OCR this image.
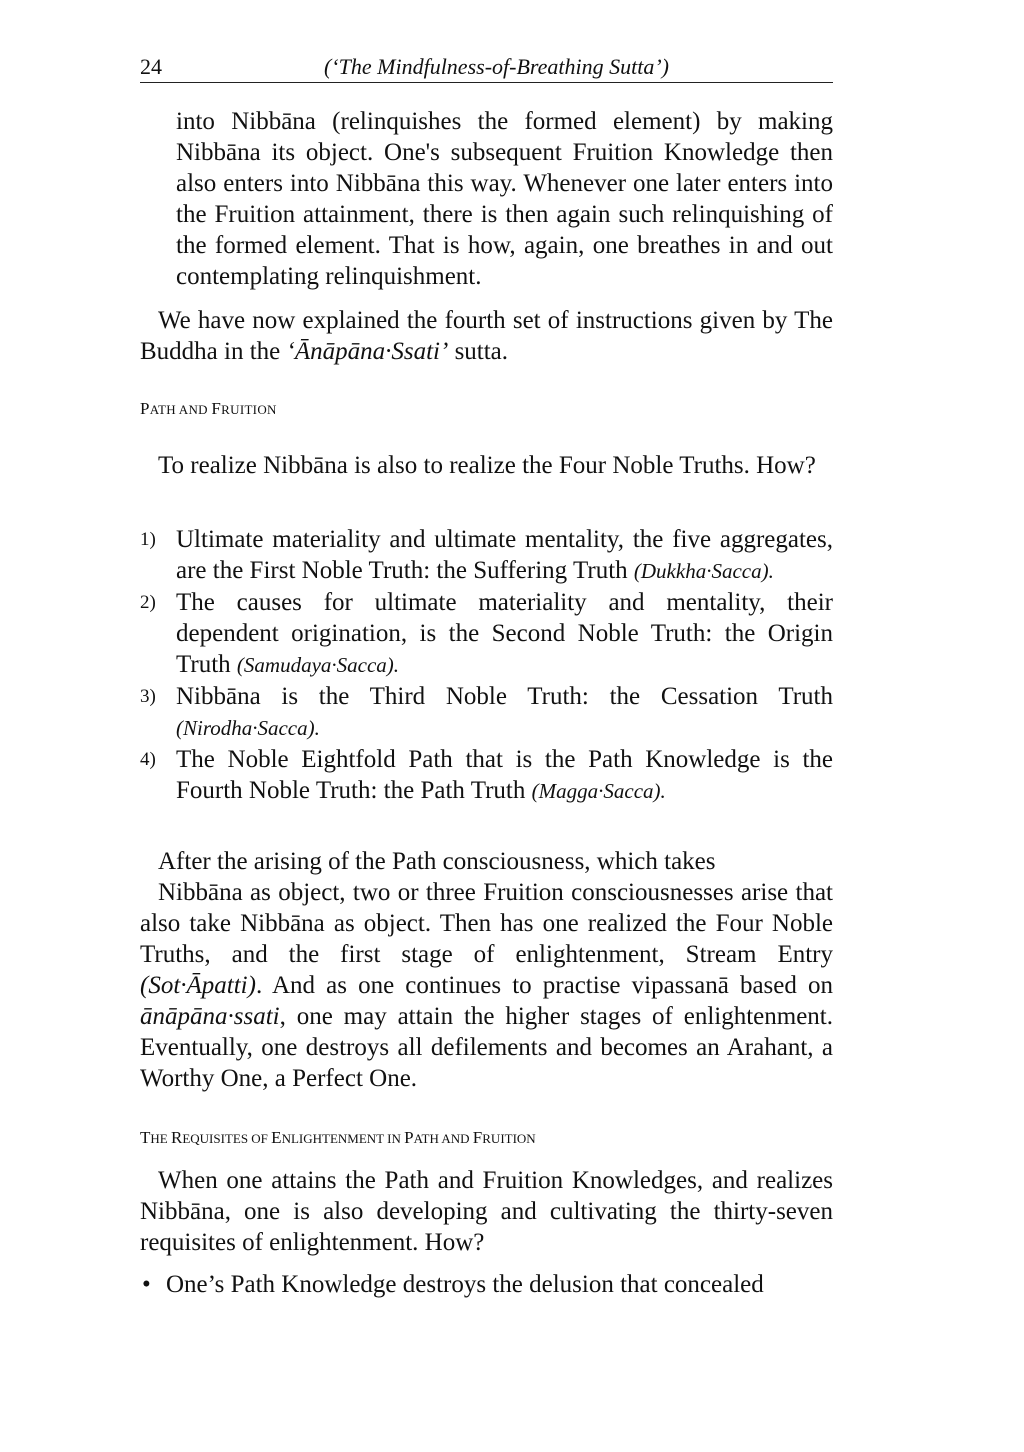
24	(‘The Mindfulness-of-Breathing Sutta’)

into Nibbāna (relinquishes the formed element) by making Nibbāna its object. One's subsequent Fruition Knowledge then also enters into Nibbāna this way. Whenever one later enters into the Fruition attainment, there is then again such relinquishing of the formed element. That is how, again, one breathes in and out contemplating relinquishment.

We have now explained the fourth set of instructions given by The Buddha in the ‘Ānāpāna·Ssati’ sutta.

PATH AND FRUITION

To realize Nibbāna is also to realize the Four Noble Truths. How?

1) Ultimate materiality and ultimate mentality, the five aggregates, are the First Noble Truth: the Suffering Truth (Dukkha·Sacca).
2) The causes for ultimate materiality and mentality, their dependent origination, is the Second Noble Truth: the Origin Truth (Samudaya·Sacca).
3) Nibbāna is the Third Noble Truth: the Cessation Truth (Nirodha·Sacca).
4) The Noble Eightfold Path that is the Path Knowledge is the Fourth Noble Truth: the Path Truth (Magga·Sacca).

After the arising of the Path consciousness, which takes

Nibbāna as object, two or three Fruition consciousnesses arise that also take Nibbāna as object. Then has one realized the Four Noble Truths, and the first stage of enlightenment, Stream Entry (Sot·Āpatti). And as one continues to practise vipassanā based on ānāpāna·ssati, one may attain the higher stages of enlightenment. Eventually, one destroys all defilements and becomes an Arahant, a Worthy One, a Perfect One.

THE REQUISITES OF ENLIGHTENMENT IN PATH AND FRUITION

When one attains the Path and Fruition Knowledges, and realizes Nibbāna, one is also developing and cultivating the thirty-seven requisites of enlightenment. How?

• One’s Path Knowledge destroys the delusion that concealed
